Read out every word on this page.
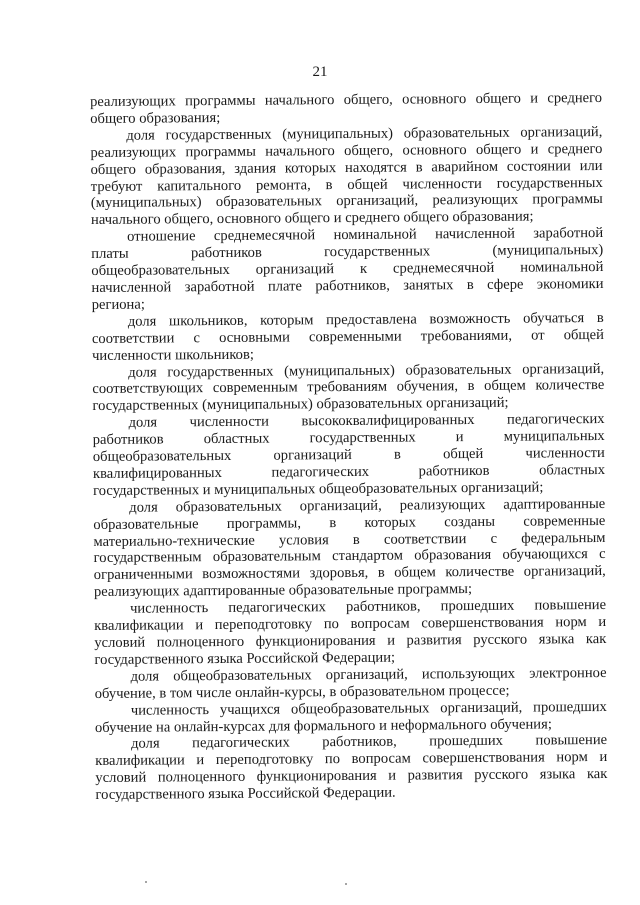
21
реализующих программы начального общего, основного общего и среднего
общего образования;
доля государственных (муниципальных) образовательных организаций,
реализующих программы начального общего, основного общего и среднего
общего образования, здания которых находятся в аварийном состоянии или
требуют капитального ремонта, в общей численности государственных
(муниципальных) образовательных организаций, реализующих программы
начального общего, основного общего и среднего общего образования;
отношение среднемесячной номинальной начисленной заработной
платы работников государственных (муниципальных)
общеобразовательных организаций к среднемесячной номинальной
начисленной заработной плате работников, занятых в сфере экономики
региона;
доля школьников, которым предоставлена возможность обучаться в
соответствии с основными современными требованиями, от общей
численности школьников;
доля государственных (муниципальных) образовательных организаций,
соответствующих современным требованиям обучения, в общем количестве
государственных (муниципальных) образовательных организаций;
доля численности высококвалифицированных педагогических
работников областных государственных и муниципальных
общеобразовательных организаций в общей численности
квалифицированных педагогических работников областных
государственных и муниципальных общеобразовательных организаций;
доля образовательных организаций, реализующих адаптированные
образовательные программы, в которых созданы современные
материально-технические условия в соответствии с федеральным
государственным образовательным стандартом образования обучающихся с
ограниченными возможностями здоровья, в общем количестве организаций,
реализующих адаптированные образовательные программы;
численность педагогических работников, прошедших повышение
квалификации и переподготовку по вопросам совершенствования норм и
условий полноценного функционирования и развития русского языка как
государственного языка Российской Федерации;
доля общеобразовательных организаций, использующих электронное
обучение, в том числе онлайн-курсы, в образовательном процессе;
численность учащихся общеобразовательных организаций, прошедших
обучение на онлайн-курсах для формального и неформального обучения;
доля педагогических работников, прошедших повышение
квалификации и переподготовку по вопросам совершенствования норм и
условий полноценного функционирования и развития русского языка как
государственного языка Российской Федерации.
